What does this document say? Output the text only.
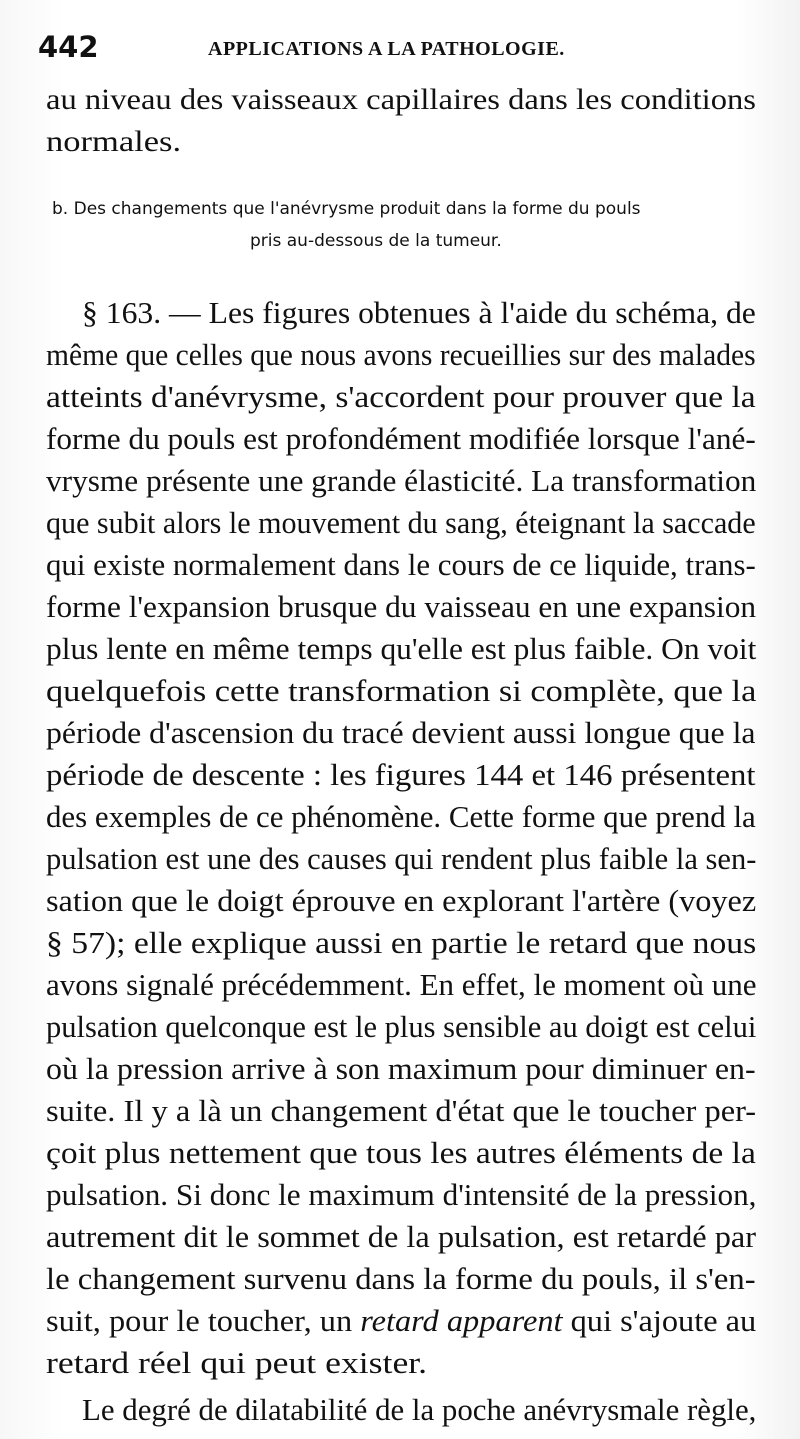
442	APPLICATIONS A LA PATHOLOGIE.
au niveau des vaisseaux capillaires dans les conditions
normales.
b. Des changements que l'anévrysme produit dans la forme du pouls
pris au-dessous de la tumeur.
§ 163. — Les figures obtenues à l'aide du schéma, de
même que celles que nous avons recueillies sur des malades
atteints d'anévrysme, s'accordent pour prouver que la
forme du pouls est profondément modifiée lorsque l'ané-
vrysme présente une grande élasticité. La transformation
que subit alors le mouvement du sang, éteignant la saccade
qui existe normalement dans le cours de ce liquide, trans-
forme l'expansion brusque du vaisseau en une expansion
plus lente en même temps qu'elle est plus faible. On voit
quelquefois cette transformation si complète, que la
période d'ascension du tracé devient aussi longue que la
période de descente : les figures 144 et 146 présentent
des exemples de ce phénomène. Cette forme que prend la
pulsation est une des causes qui rendent plus faible la sen-
sation que le doigt éprouve en explorant l'artère (voyez
§ 57); elle explique aussi en partie le retard que nous
avons signalé précédemment. En effet, le moment où une
pulsation quelconque est le plus sensible au doigt est celui
où la pression arrive à son maximum pour diminuer en-
suite. Il y a là un changement d'état que le toucher per-
çoit plus nettement que tous les autres éléments de la
pulsation. Si donc le maximum d'intensité de la pression,
autrement dit le sommet de la pulsation, est retardé par
le changement survenu dans la forme du pouls, il s'en-
suit, pour le toucher, un retard apparent qui s'ajoute au
retard réel qui peut exister.
Le degré de dilatabilité de la poche anévrysmale règle,
